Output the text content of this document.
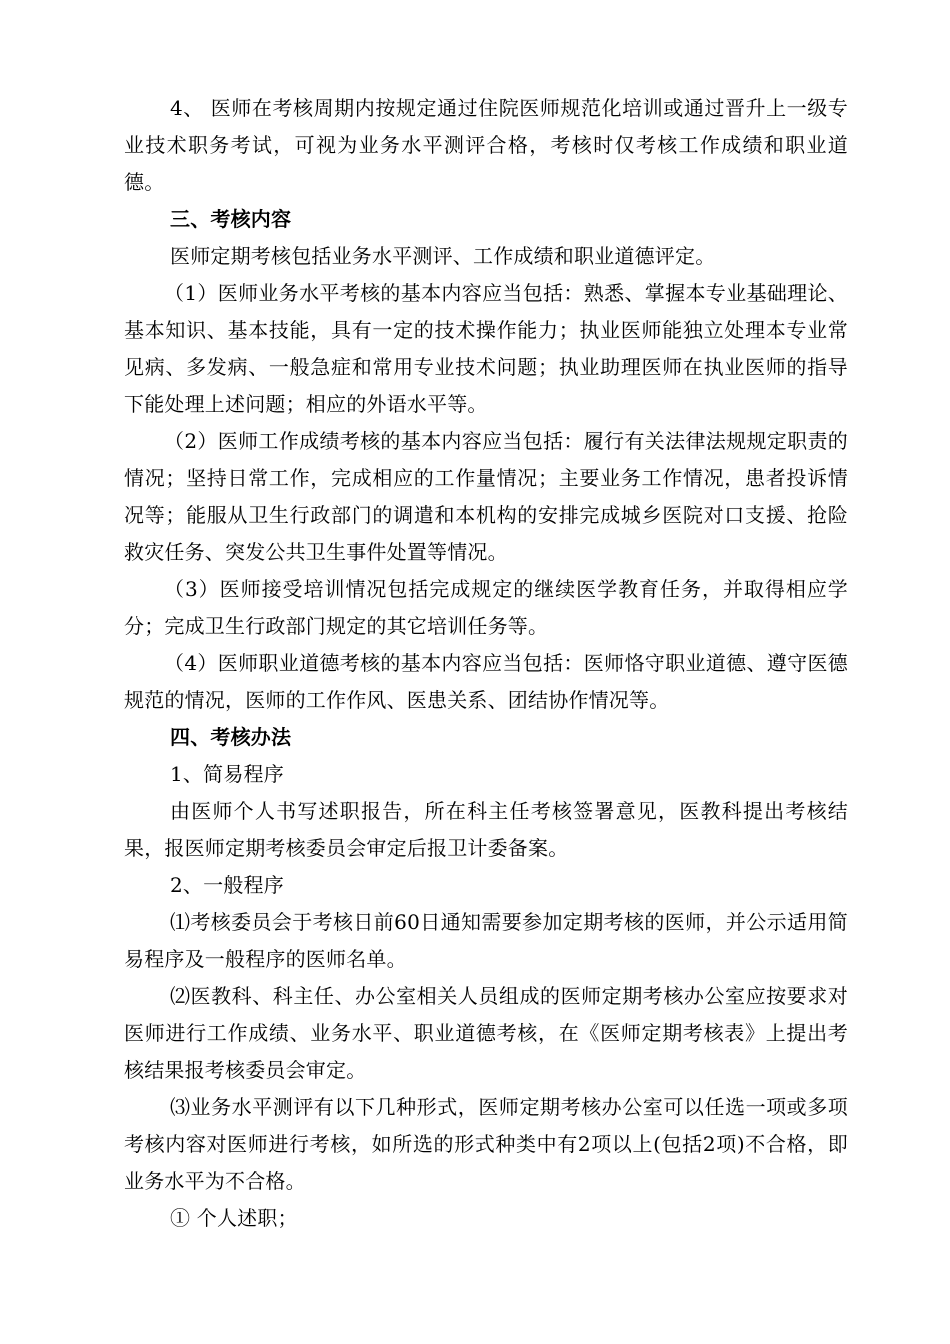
4、 医师在考核周期内按规定通过住院医师规范化培训或通过晋升上一级专业技术职务考试，可视为业务水平测评合格，考核时仅考核工作成绩和职业道德。

三、考核内容

医师定期考核包括业务水平测评、工作成绩和职业道德评定。

（1）医师业务水平考核的基本内容应当包括：熟悉、掌握本专业基础理论、基本知识、基本技能，具有一定的技术操作能力；执业医师能独立处理本专业常见病、多发病、一般急症和常用专业技术问题；执业助理医师在执业医师的指导下能处理上述问题；相应的外语水平等。

（2）医师工作成绩考核的基本内容应当包括：履行有关法律法规规定职责的情况；坚持日常工作，完成相应的工作量情况；主要业务工作情况，患者投诉情况等；能服从卫生行政部门的调遣和本机构的安排完成城乡医院对口支援、抢险救灾任务、突发公共卫生事件处置等情况。

（3）医师接受培训情况包括完成规定的继续医学教育任务，并取得相应学分；完成卫生行政部门规定的其它培训任务等。

（4）医师职业道德考核的基本内容应当包括：医师恪守职业道德、遵守医德规范的情况，医师的工作作风、医患关系、团结协作情况等。

四、考核办法

1、简易程序

由医师个人书写述职报告，所在科主任考核签署意见，医教科提出考核结果，报医师定期考核委员会审定后报卫计委备案。

2、一般程序

⑴考核委员会于考核日前60日通知需要参加定期考核的医师，并公示适用简易程序及一般程序的医师名单。

⑵医教科、科主任、办公室相关人员组成的医师定期考核办公室应按要求对医师进行工作成绩、业务水平、职业道德考核，在《医师定期考核表》上提出考核结果报考核委员会审定。

⑶业务水平测评有以下几种形式，医师定期考核办公室可以任选一项或多项考核内容对医师进行考核，如所选的形式种类中有2项以上(包括2项)不合格，即业务水平为不合格。

① 个人述职；
